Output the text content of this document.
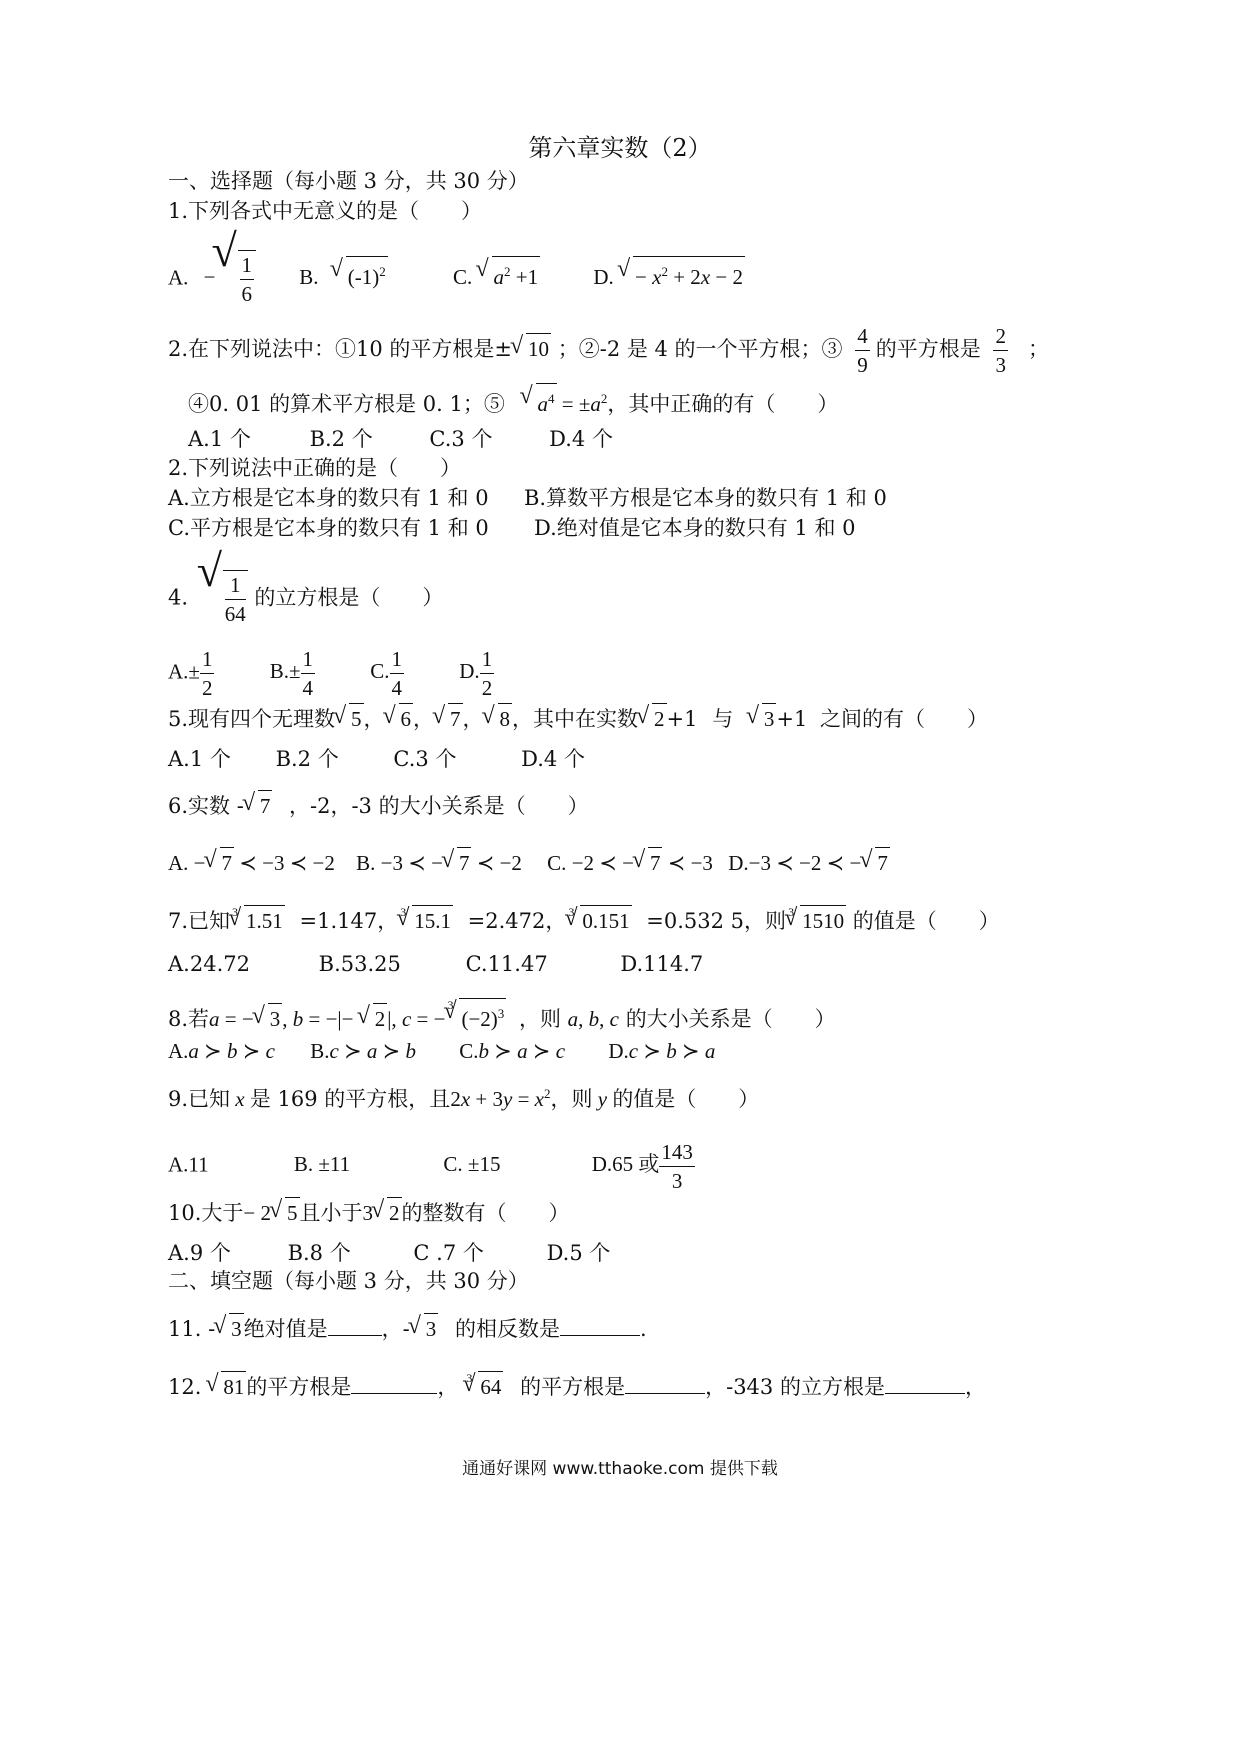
第六章实数（2）
一、选择题（每小题 3 分，共 30 分）
1.下列各式中无意义的是（　　）
A. − √ $\frac{1}{6} B$. √ $(-1)^2$	C. √ $a^2 +1$	D. √ − $x^2 + 2x - 2$
2.在下列说法中：①10 的平方根是± √ 10 ；②-2 是 4 的一个平方根；③ $\frac{4}{9}$ 的平方根是 $\frac{2}{3}$ ；
④0. 01 的算术平方根是 0. 1；⑤ √ $a^4 = \pm a^2$，其中正确的有（　　）
A.1 个	B.2 个	C.3 个	D.4 个
2.下列说法中正确的是（　　）
A.立方根是它本身的数只有 1 和 0 B.算数平方根是它本身的数只有 1 和 0
C.平方根是它本身的数只有 1 和 0 D.绝对值是它本身的数只有 1 和 0
4. √ $\frac{1}{64}$ 的立方根是（　　）
$A.\pm \frac{1}{2}$	$B.\pm \frac{1}{4}$	C. $\frac{1}{4}$	D. $\frac{1}{2}$
5.现有四个无理数 √ 5， √ 6， √ 7， √ 8，其中在实数 √ 2+1 与 √ 3+1 之间的有（　　）
A.1 个 B.2 个	C.3 个	D.4 个
6.实数 - √ 7 ，-2，-3 的大小关系是（　　）
A. − √ 7 ≺ −3 ≺ −2 B. −3 ≺ − √ 7 ≺ −2 C. −2 ≺ − √ 7 ≺ −3 D.−3 ≺ −2 ≺ − √ 7
7.已知 √ 3 1.51 =1.147， √ 3 15.1 =2.472， √ 3 0.151 =0.532 5，则 √ 3 1510 的值是（　　）
A.24.72	B.53.25	C.11.47	D.114.7
8.若a = − √ 3, b = −|− √ 2|, c = −
√ 3
$(-2)^3$ ，则 a, b, c 的大小关系是（　　）
A.a ≻ b ≻ c B.c ≻ a ≻ b C.b ≻ a ≻ c D.c ≻ b ≻ a
9.已知 x 是 169 的平方根，且$2x + 3y = x^2$，则 y 的值是（　　）
A.11	B. ±11	C. ±15	D.65 或 $\frac{143}{3}$
10.大于− 2 √ 5且小于3 √ 2的整数有（　　）
A.9 个	B.8 个	C .7 个	D.5 个
二、填空题（每小题 3 分，共 30 分）
11. - √ 3绝对值是	，- √ 3 的相反数是	.
12. √ 81的平方根是	， √ 3 64 的平方根是	，-343 的立方根是	，
通通好课网 www.tthaoke.com 提供下载
